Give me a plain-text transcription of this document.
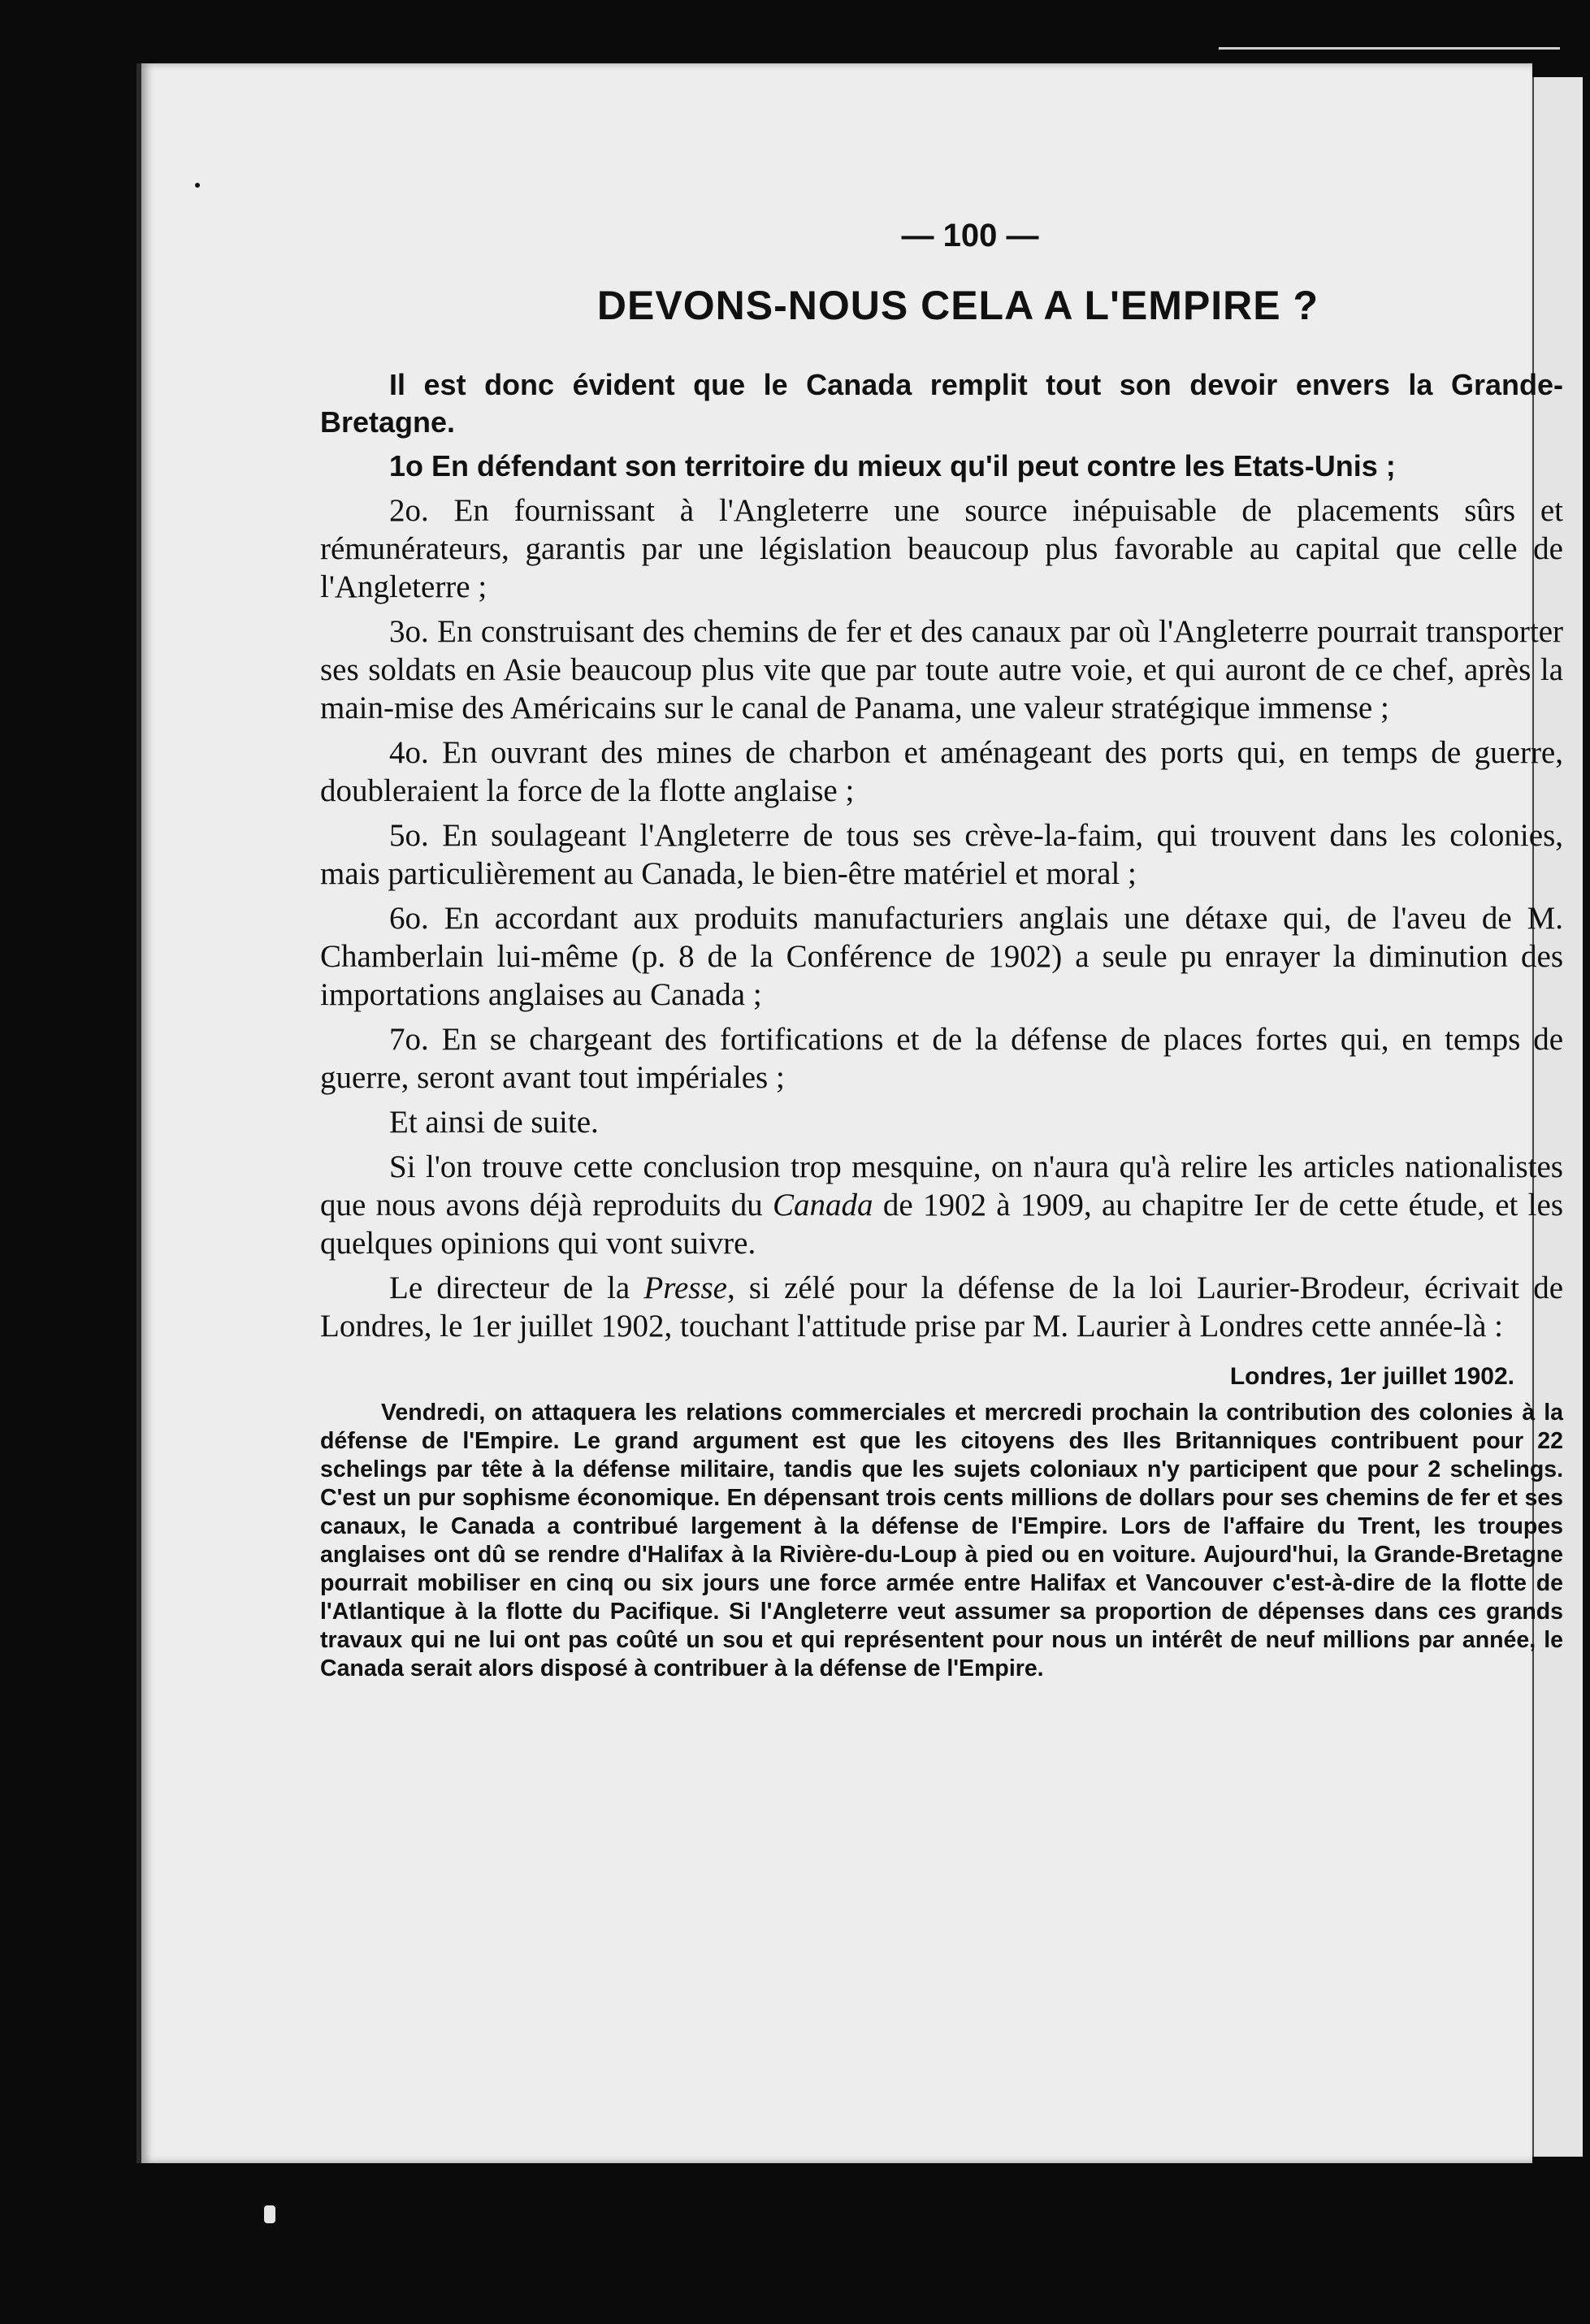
— 100 —
DEVONS-NOUS CELA A L'EMPIRE ?

Il est donc évident que le Canada remplit tout son devoir envers la Grande-Bretagne.

1o En défendant son territoire du mieux qu'il peut contre les Etats-Unis ;

2o. En fournissant à l'Angleterre une source inépuisable de placements sûrs et rémunérateurs, garantis par une législation beaucoup plus favorable au capital que celle de l'Angleterre ;

3o. En construisant des chemins de fer et des canaux par où l'Angleterre pourrait transporter ses soldats en Asie beaucoup plus vite que par toute autre voie, et qui auront de ce chef, après la main-mise des Américains sur le canal de Panama, une valeur stratégique immense ;

4o. En ouvrant des mines de charbon et aménageant des ports qui, en temps de guerre, doubleraient la force de la flotte anglaise ;

5o. En soulageant l'Angleterre de tous ses crève-la-faim, qui trouvent dans les colonies, mais particulièrement au Canada, le bien-être matériel et moral ;

6o. En accordant aux produits manufacturiers anglais une détaxe qui, de l'aveu de M. Chamberlain lui-même (p. 8 de la Conférence de 1902) a seule pu enrayer la diminution des importations anglaises au Canada ;

7o. En se chargeant des fortifications et de la défense de places fortes qui, en temps de guerre, seront avant tout impériales ;

Et ainsi de suite.

Si l'on trouve cette conclusion trop mesquine, on n'aura qu'à relire les articles nationalistes que nous avons déjà reproduits du Canada de 1902 à 1909, au chapitre Ier de cette étude, et les quelques opinions qui vont suivre.

Le directeur de la Presse, si zélé pour la défense de la loi Laurier-Brodeur, écrivait de Londres, le 1er juillet 1902, touchant l'attitude prise par M. Laurier à Londres cette année-là :

Londres, 1er juillet 1902.

Vendredi, on attaquera les relations commerciales et mercredi prochain la contribution des colonies à la défense de l'Empire. Le grand argument est que les citoyens des Iles Britanniques contribuent pour 22 schelings par tête à la défense militaire, tandis que les sujets coloniaux n'y participent que pour 2 schelings. C'est un pur sophisme économique. En dépensant trois cents millions de dollars pour ses chemins de fer et ses canaux, le Canada a contribué largement à la défense de l'Empire. Lors de l'affaire du Trent, les troupes anglaises ont dû se rendre d'Halifax à la Rivière-du-Loup à pied ou en voiture. Aujourd'hui, la Grande-Bretagne pourrait mobiliser en cinq ou six jours une force armée entre Halifax et Vancouver c'est-à-dire de la flotte de l'Atlantique à la flotte du Pacifique. Si l'Angleterre veut assumer sa proportion de dépenses dans ces grands travaux qui ne lui ont pas coûté un sou et qui représentent pour nous un intérêt de neuf millions par année, le Canada serait alors disposé à contribuer à la défense de l'Empire.
